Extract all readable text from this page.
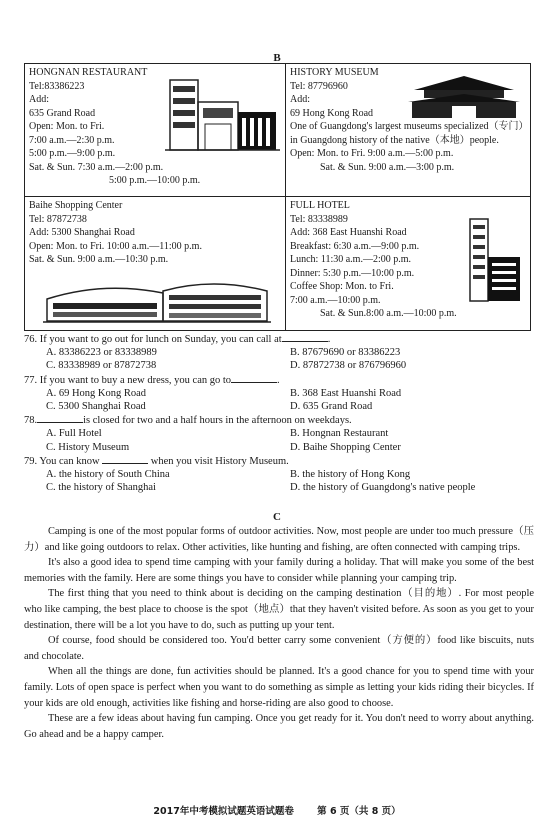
B
HONGNAN RESTAURANT
Tel:83386223
Add:
635 Grand Road
Open: Mon. to Fri.
7:00 a.m.—2:30 p.m.
5:00 p.m.—9:00 p.m.
Sat. & Sun. 7:30 a.m.—2:00 p.m.
5:00 p.m.—10:00 p.m.
HISTORY MUSEUM
Tel: 87796960
Add:
69 Hong Kong Road
One of Guangdong's largest museums specialized（专门）in Guangdong history of the native（本地）people.
Open: Mon. to Fri. 9:00 a.m.—5:00 p.m.
Sat. & Sun. 9:00 a.m.—3:00 p.m.
Baihe Shopping Center
Tel: 87872738
Add: 5300 Shanghai Road
Open: Mon. to Fri. 10:00 a.m.—11:00 p.m.
Sat. & Sun. 9:00 a.m.—10:30 p.m.
FULL HOTEL
Tel: 83338989
Add: 368 East Huanshi Road
Breakfast: 6:30 a.m.—9:00 p.m.
Lunch: 11:30 a.m.—2:00 p.m.
Dinner: 5:30 p.m.—10:00 p.m.
Coffee Shop: Mon. to Fri.
7:00 a.m.—10:00 p.m.
Sat. & Sun.8:00 a.m.—10:00 p.m.
76. If you want to go out for lunch on Sunday, you can call at	.
A. 83386223 or 83338989	B. 87679690 or 83386223
C. 83338989 or 87872738	D. 87872738 or 876796960
77. If you want to buy a new dress, you can go to	.
A. 69 Hong Kong Road	B. 368 East Huanshi Road
C. 5300 Shanghai Road	D. 635 Grand Road
78.	is closed for two and a half hours in the afternoon on weekdays.
A. Full Hotel	B. Hongnan Restaurant
C. History Museum	D. Baihe Shopping Center
79. You can know	when you visit History Museum.
A. the history of South China	B. the history of Hong Kong
C. the history of Shanghai	D. the history of Guangdong's native people
C

Camping is one of the most popular forms of outdoor activities. Now, most people are under too much pressure（压力）and like going outdoors to relax. Other activities, like hunting and fishing, are often connected with camping trips.

It's also a good idea to spend time camping with your family during a holiday. That will make you some of the best memories with the family. Here are some things you have to consider while planning your camping trip.

The first thing that you need to think about is deciding on the camping destination（目的地）. For most people who like camping, the best place to choose is the spot（地点）that they haven't visited before. As soon as you get to your destination, there will be a lot you have to do, such as putting up your tent.

Of course, food should be considered too. You'd better carry some convenient（方便的）food like biscuits, nuts and chocolate.

When all the things are done, fun activities should be planned. It's a good chance for you to spend time with your family. Lots of open space is perfect when you want to do something as simple as letting your kids riding their bicycles. If your kids are old enough, activities like fishing and horse-riding are also good to choose.

These are a few ideas about having fun camping. Once you get ready for it. You don't need to worry about anything. Go ahead and be a happy camper.

2017年中考模拟试题英语试题卷 第 6 页（共 8 页）
